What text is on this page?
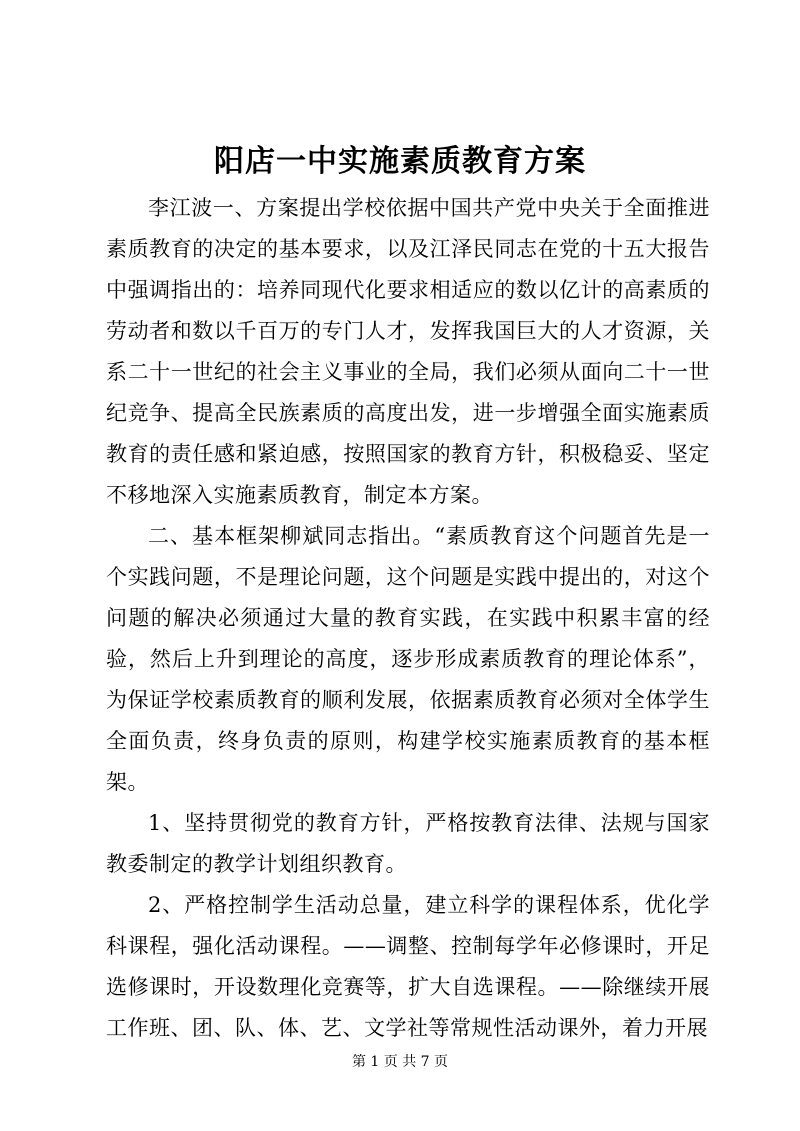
阳店一中实施素质教育方案

李江波一、方案提出学校依据中国共产党中央关于全面推进素质教育的决定的基本要求，以及江泽民同志在党的十五大报告中强调指出的：培养同现代化要求相适应的数以亿计的高素质的劳动者和数以千百万的专门人才，发挥我国巨大的人才资源，关系二十一世纪的社会主义事业的全局，我们必须从面向二十一世纪竞争、提高全民族素质的高度出发，进一步增强全面实施素质教育的责任感和紧迫感，按照国家的教育方针，积极稳妥、坚定不移地深入实施素质教育，制定本方案。

二、基本框架柳斌同志指出。“素质教育这个问题首先是一个实践问题，不是理论问题，这个问题是实践中提出的，对这个问题的解决必须通过大量的教育实践，在实践中积累丰富的经验，然后上升到理论的高度，逐步形成素质教育的理论体系”，为保证学校素质教育的顺利发展，依据素质教育必须对全体学生全面负责，终身负责的原则，构建学校实施素质教育的基本框架。

1、坚持贯彻党的教育方针，严格按教育法律、法规与国家教委制定的教学计划组织教育。

2、严格控制学生活动总量，建立科学的课程体系，优化学科课程，强化活动课程。——调整、控制每学年必修课时，开足选修课时，开设数理化竞赛等，扩大自选课程。——除继续开展工作班、团、队、体、艺、文学社等常规性活动课外，着力开展

第 1 页 共 7 页
